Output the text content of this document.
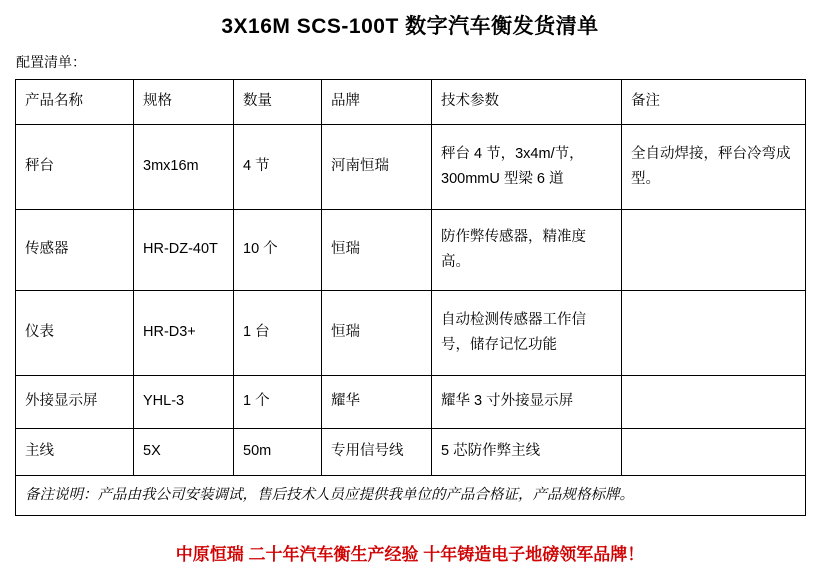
3X16M SCS-100T 数字汽车衡发货清单
配置清单：
产品名称	规格	数量	品牌	技术参数	备注
秤台	3mx16m	4 节	河南恒瑞	秤台 4 节，3x4m/节，300mmU 型梁 6 道	全自动焊接，秤台冷弯成型。
传感器	HR-DZ-40T	10 个	恒瑞	防作弊传感器，精准度高。	
仪表	HR-D3+	1 台	恒瑞	自动检测传感器工作信号，储存记忆功能	
外接显示屏	YHL-3	1 个	耀华	耀华 3 寸外接显示屏	
主线	5X	50m	专用信号线	5 芯防作弊主线	
备注说明：产品由我公司安装调试，售后技术人员应提供我单位的产品合格证，产品规格标牌。					
中原恒瑞 二十年汽车衡生产经验 十年铸造电子地磅领军品牌！
